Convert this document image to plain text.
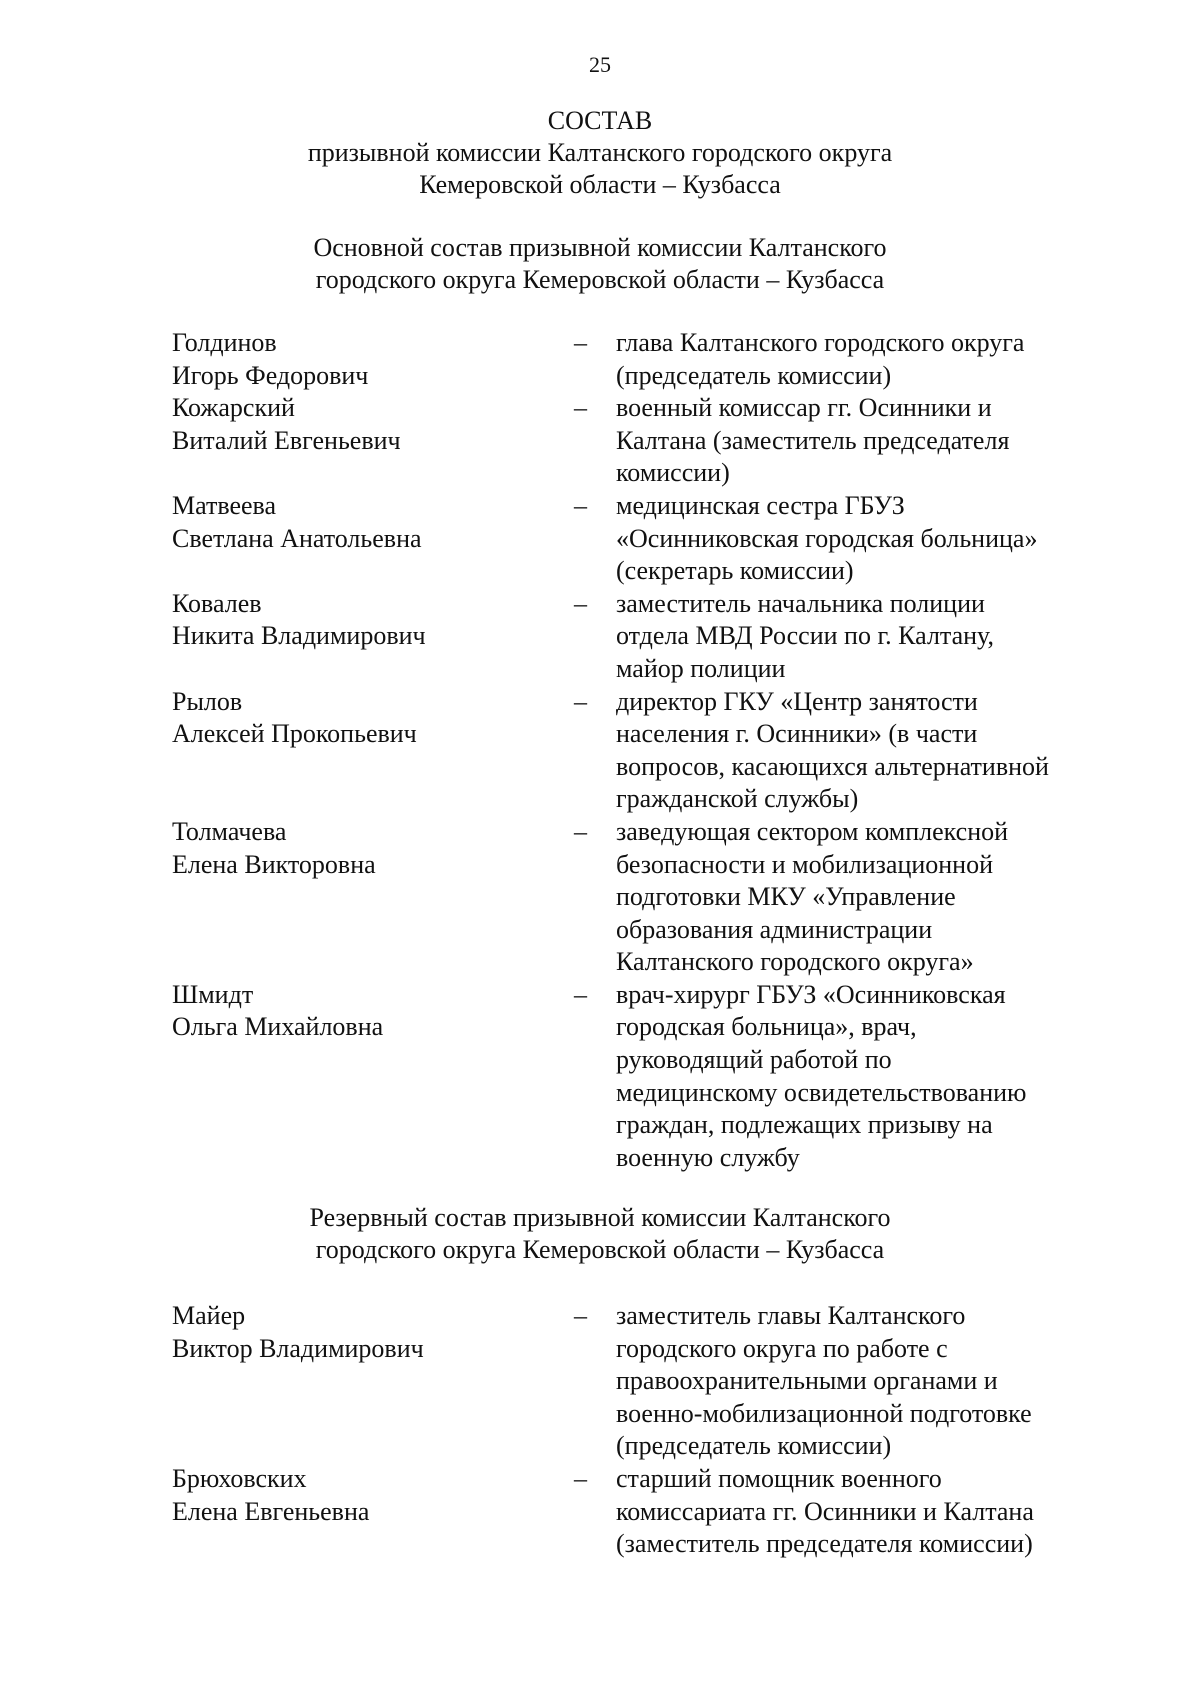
25
СОСТАВ
призывной комиссии Калтанского городского округа
Кемеровской области – Кузбасса
Основной состав призывной комиссии Калтанского
городского округа Кемеровской области – Кузбасса
Голдинов
Игорь Федорович
– глава Калтанского городского округа
(председатель комиссии)
Кожарский
Виталий Евгеньевич
– военный комиссар гг. Осинники и
Калтана (заместитель председателя
комиссии)
Матвеева
Светлана Анатольевна
– медицинская сестра ГБУЗ
«Осинниковская городская больница»
(секретарь комиссии)
Ковалев
Никита Владимирович
– заместитель начальника полиции
отдела МВД России по г. Калтану,
майор полиции
Рылов
Алексей Прокопьевич
– директор ГКУ «Центр занятости
населения г. Осинники» (в части
вопросов, касающихся альтернативной
гражданской службы)
Толмачева
Елена Викторовна
– заведующая сектором комплексной
безопасности и мобилизационной
подготовки МКУ «Управление
образования администрации
Калтанского городского округа»
Шмидт
Ольга Михайловна
– врач-хирург ГБУЗ «Осинниковская
городская больница», врач,
руководящий работой по
медицинскому освидетельствованию
граждан, подлежащих призыву на
военную службу
Резервный состав призывной комиссии Калтанского
городского округа Кемеровской области – Кузбасса
Майер
Виктор Владимирович
– заместитель главы Калтанского
городского округа по работе с
правоохранительными органами и
военно-мобилизационной подготовке
(председатель комиссии)
Брюховских
Елена Евгеньевна
– старший помощник военного
комиссариата гг. Осинники и Калтана
(заместитель председателя комиссии)
